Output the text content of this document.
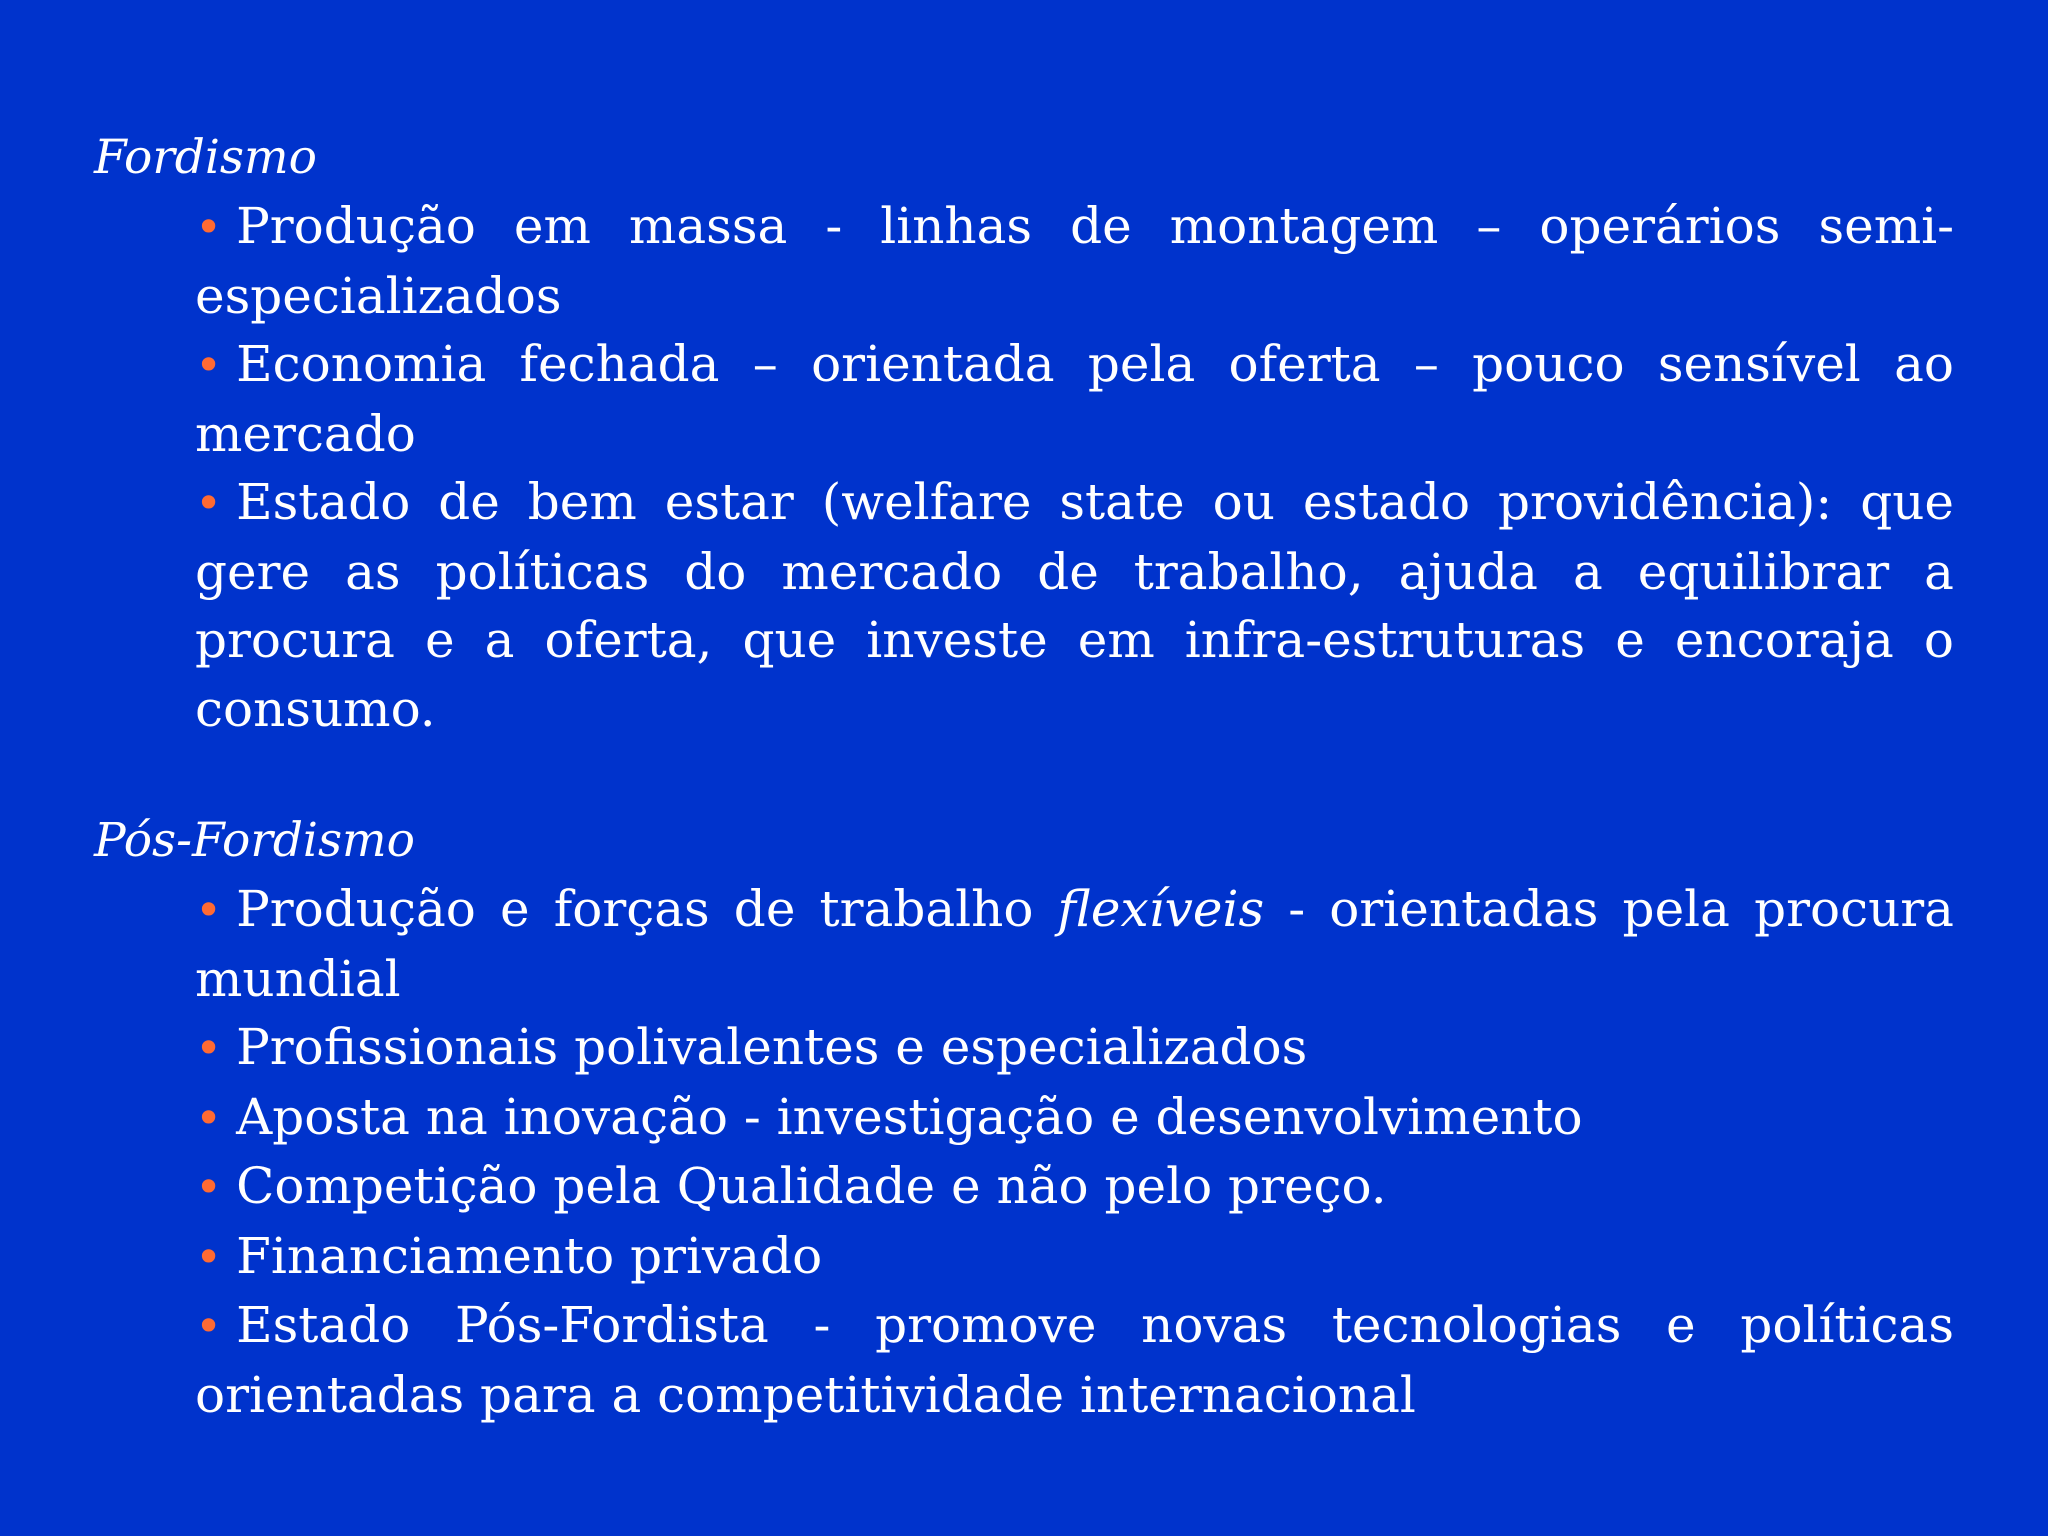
Fordismo
• Produção em massa - linhas de montagem – operários semi-especializados
• Economia fechada – orientada pela oferta – pouco sensível ao mercado
• Estado de bem estar (welfare state ou estado providência): que gere as políticas do mercado de trabalho, ajuda a equilibrar a procura e a oferta, que investe em infra-estruturas e encoraja o consumo.
Pós-Fordismo
• Produção e forças de trabalho flexíveis - orientadas pela procura mundial
• Profissionais polivalentes e especializados
• Aposta na inovação - investigação e desenvolvimento
• Competição pela Qualidade e não pelo preço.
• Financiamento privado
• Estado Pós-Fordista - promove novas tecnologias e políticas orientadas para a competitividade internacional
